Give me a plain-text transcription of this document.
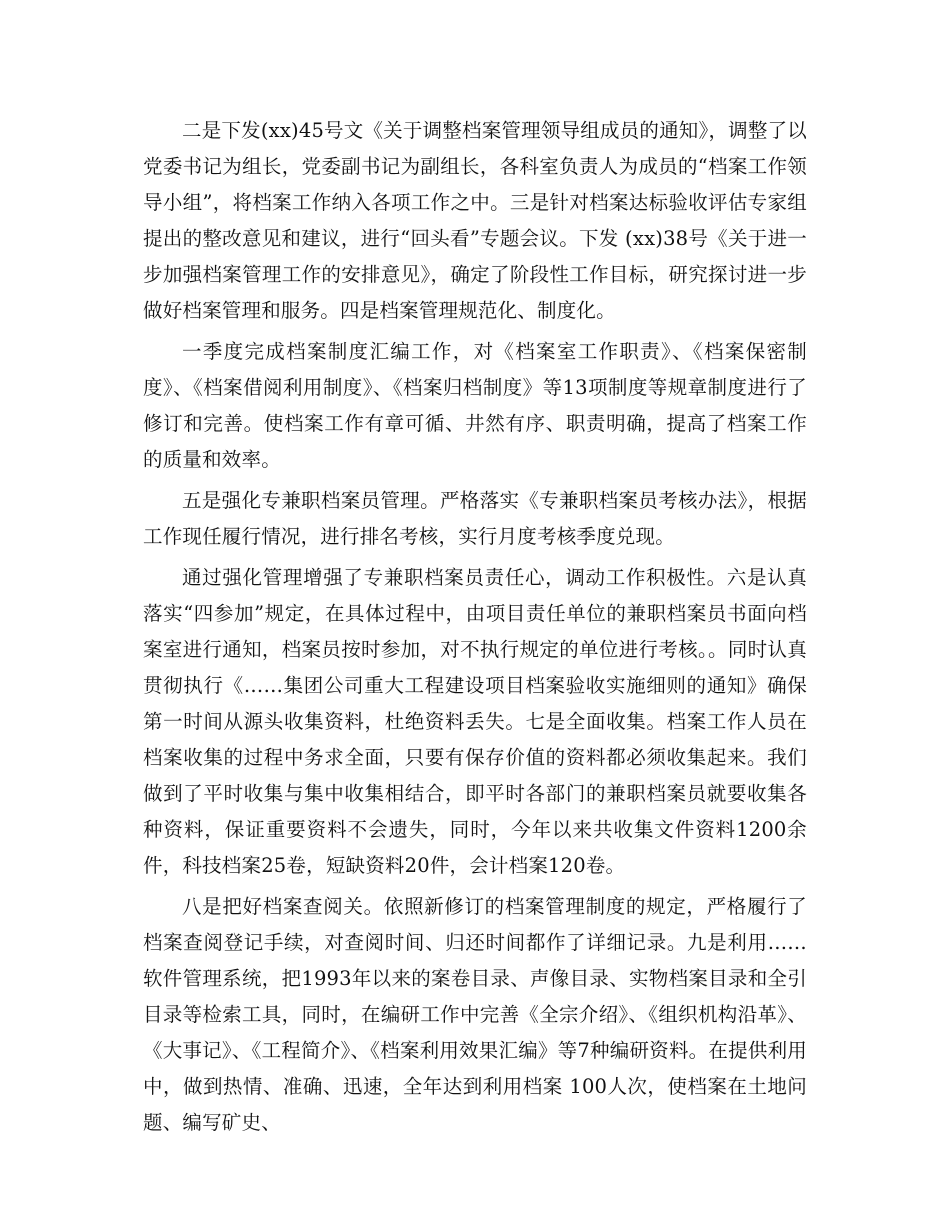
二是下发(xx)45号文《关于调整档案管理领导组成员的通知》，调整了以党委书记为组长，党委副书记为副组长，各科室负责人为成员的“档案工作领导小组”，将档案工作纳入各项工作之中。三是针对档案达标验收评估专家组提出的整改意见和建议，进行“回头看”专题会议。下发 (xx)38号《关于进一步加强档案管理工作的安排意见》，确定了阶段性工作目标，研究探讨进一步做好档案管理和服务。四是档案管理规范化、制度化。

一季度完成档案制度汇编工作，对《档案室工作职责》、《档案保密制度》、《档案借阅利用制度》、《档案归档制度》等13项制度等规章制度进行了修订和完善。使档案工作有章可循、井然有序、职责明确，提高了档案工作的质量和效率。

五是强化专兼职档案员管理。严格落实《专兼职档案员考核办法》，根据工作现任履行情况，进行排名考核，实行月度考核季度兑现。

通过强化管理增强了专兼职档案员责任心，调动工作积极性。六是认真落实“四参加”规定，在具体过程中，由项目责任单位的兼职档案员书面向档案室进行通知，档案员按时参加，对不执行规定的单位进行考核。。同时认真贯彻执行《……集团公司重大工程建设项目档案验收实施细则的通知》确保第一时间从源头收集资料，杜绝资料丢失。七是全面收集。档案工作人员在档案收集的过程中务求全面，只要有保存价值的资料都必须收集起来。我们做到了平时收集与集中收集相结合，即平时各部门的兼职档案员就要收集各种资料，保证重要资料不会遗失，同时，今年以来共收集文件资料1200余件，科技档案25卷，短缺资料20件，会计档案120卷。

八是把好档案查阅关。依照新修订的档案管理制度的规定，严格履行了档案查阅登记手续，对查阅时间、归还时间都作了详细记录。九是利用……软件管理系统，把1993年以来的案卷目录、声像目录、实物档案目录和全引目录等检索工具，同时，在编研工作中完善《全宗介绍》、《组织机构沿革》、《大事记》、《工程简介》、《档案利用效果汇编》等7种编研资料。在提供利用中，做到热情、准确、迅速，全年达到利用档案 100人次，使档案在土地问题、编写矿史、
